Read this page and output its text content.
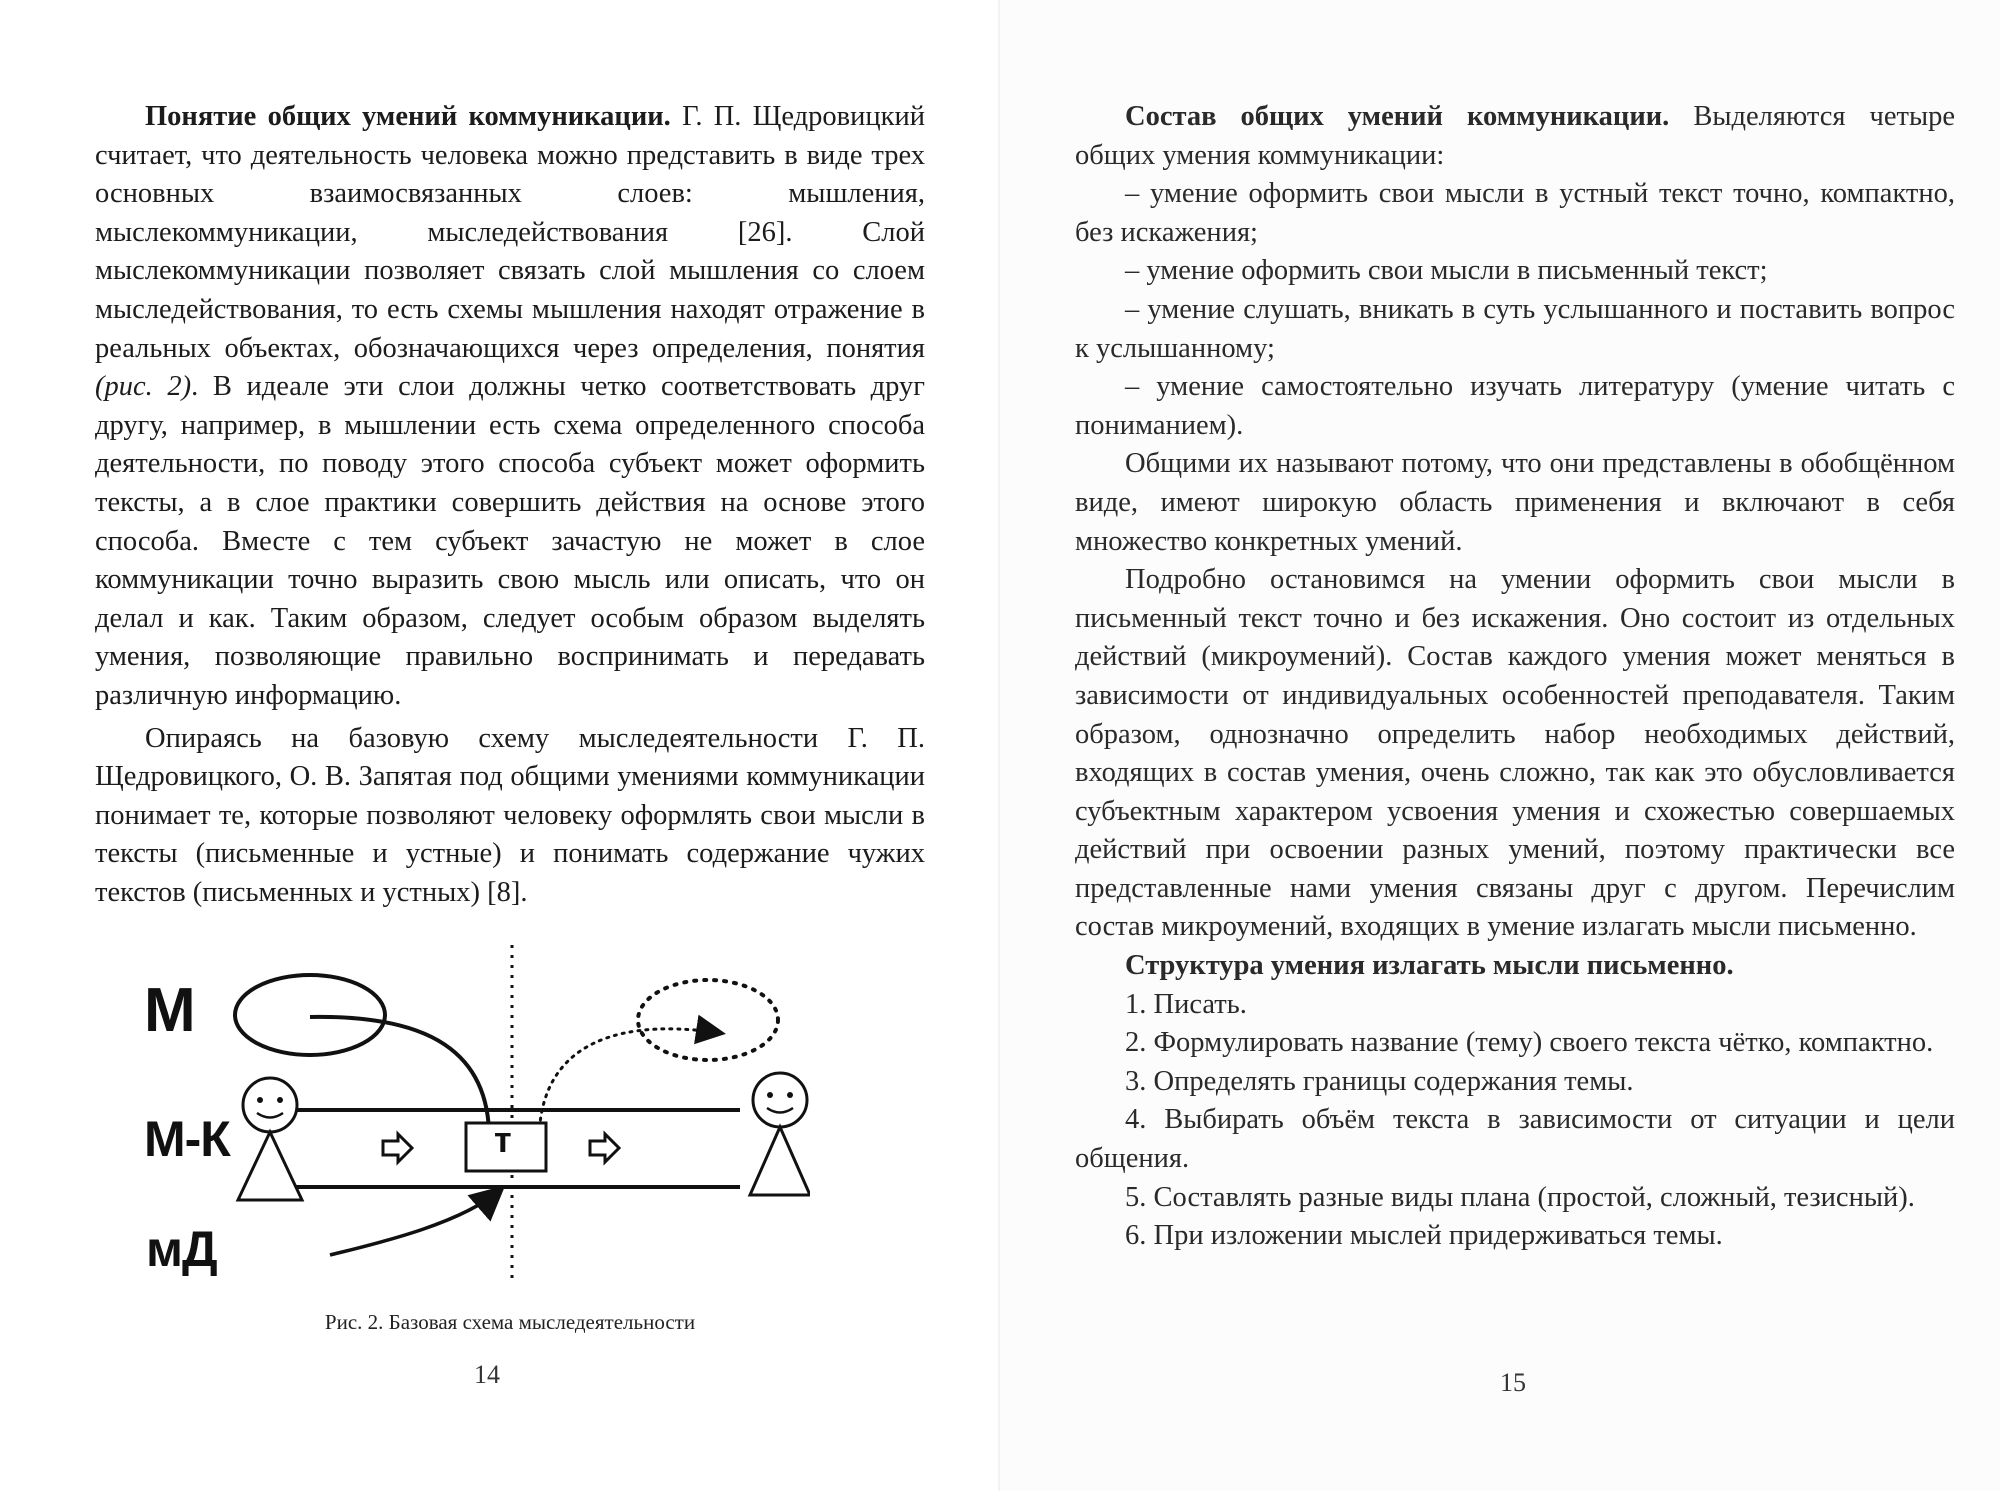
Понятие общих умений коммуникации. Г. П. Щедровицкий считает, что деятельность человека можно представить в виде трех основных взаимосвязанных слоев: мышления, мыслекоммуникации, мыследействования [26]. Слой мыслекоммуникации позволяет связать слой мышления со слоем мыследействования, то есть схемы мышления находят отражение в реальных объектах, обозначающихся через определения, понятия (рис. 2). В идеале эти слои должны четко соответствовать друг другу, например, в мышлении есть схема определенного способа деятельности, по поводу этого способа субъект может оформить тексты, а в слое практики совершить действия на основе этого способа. Вместе с тем субъект зачастую не может в слое коммуникации точно выразить свою мысль или описать, что он делал и как. Таким образом, следует особым образом выделять умения, позволяющие правильно воспринимать и передавать различную информацию.

Опираясь на базовую схему мыследеятельности Г. П. Щедровицкого, О. В. Запятая под общими умениями коммуникации понимает те, которые позволяют человеку оформлять свои мысли в тексты (письменные и устные) и понимать содержание чужих текстов (письменных и устных) [8].

М
М-К
мД
т
Рис. 2. Базовая схема мыследеятельности
14

Состав общих умений коммуникации. Выделяются четыре общих умения коммуникации:

– умение оформить свои мысли в устный текст точно, компактно, без искажения;

– умение оформить свои мысли в письменный текст;

– умение слушать, вникать в суть услышанного и поставить вопрос к услышанному;

– умение самостоятельно изучать литературу (умение читать с пониманием).

Общими их называют потому, что они представлены в обобщённом виде, имеют широкую область применения и включают в себя множество конкретных умений.

Подробно остановимся на умении оформить свои мысли в письменный текст точно и без искажения. Оно состоит из отдельных действий (микроумений). Состав каждого умения может меняться в зависимости от индивидуальных особенностей преподавателя. Таким образом, однозначно определить набор необходимых действий, входящих в состав умения, очень сложно, так как это обусловливается субъектным характером усвоения умения и схожестью совершаемых действий при освоении разных умений, поэтому практически все представленные нами умения связаны друг с другом. Перечислим состав микроумений, входящих в умение излагать мысли письменно.

Структура умения излагать мысли письменно.

1. Писать.

2. Формулировать название (тему) своего текста чётко, компактно.

3. Определять границы содержания темы.

4. Выбирать объём текста в зависимости от ситуации и цели общения.

5. Составлять разные виды плана (простой, сложный, тезисный).

6. При изложении мыслей придерживаться темы.

15
